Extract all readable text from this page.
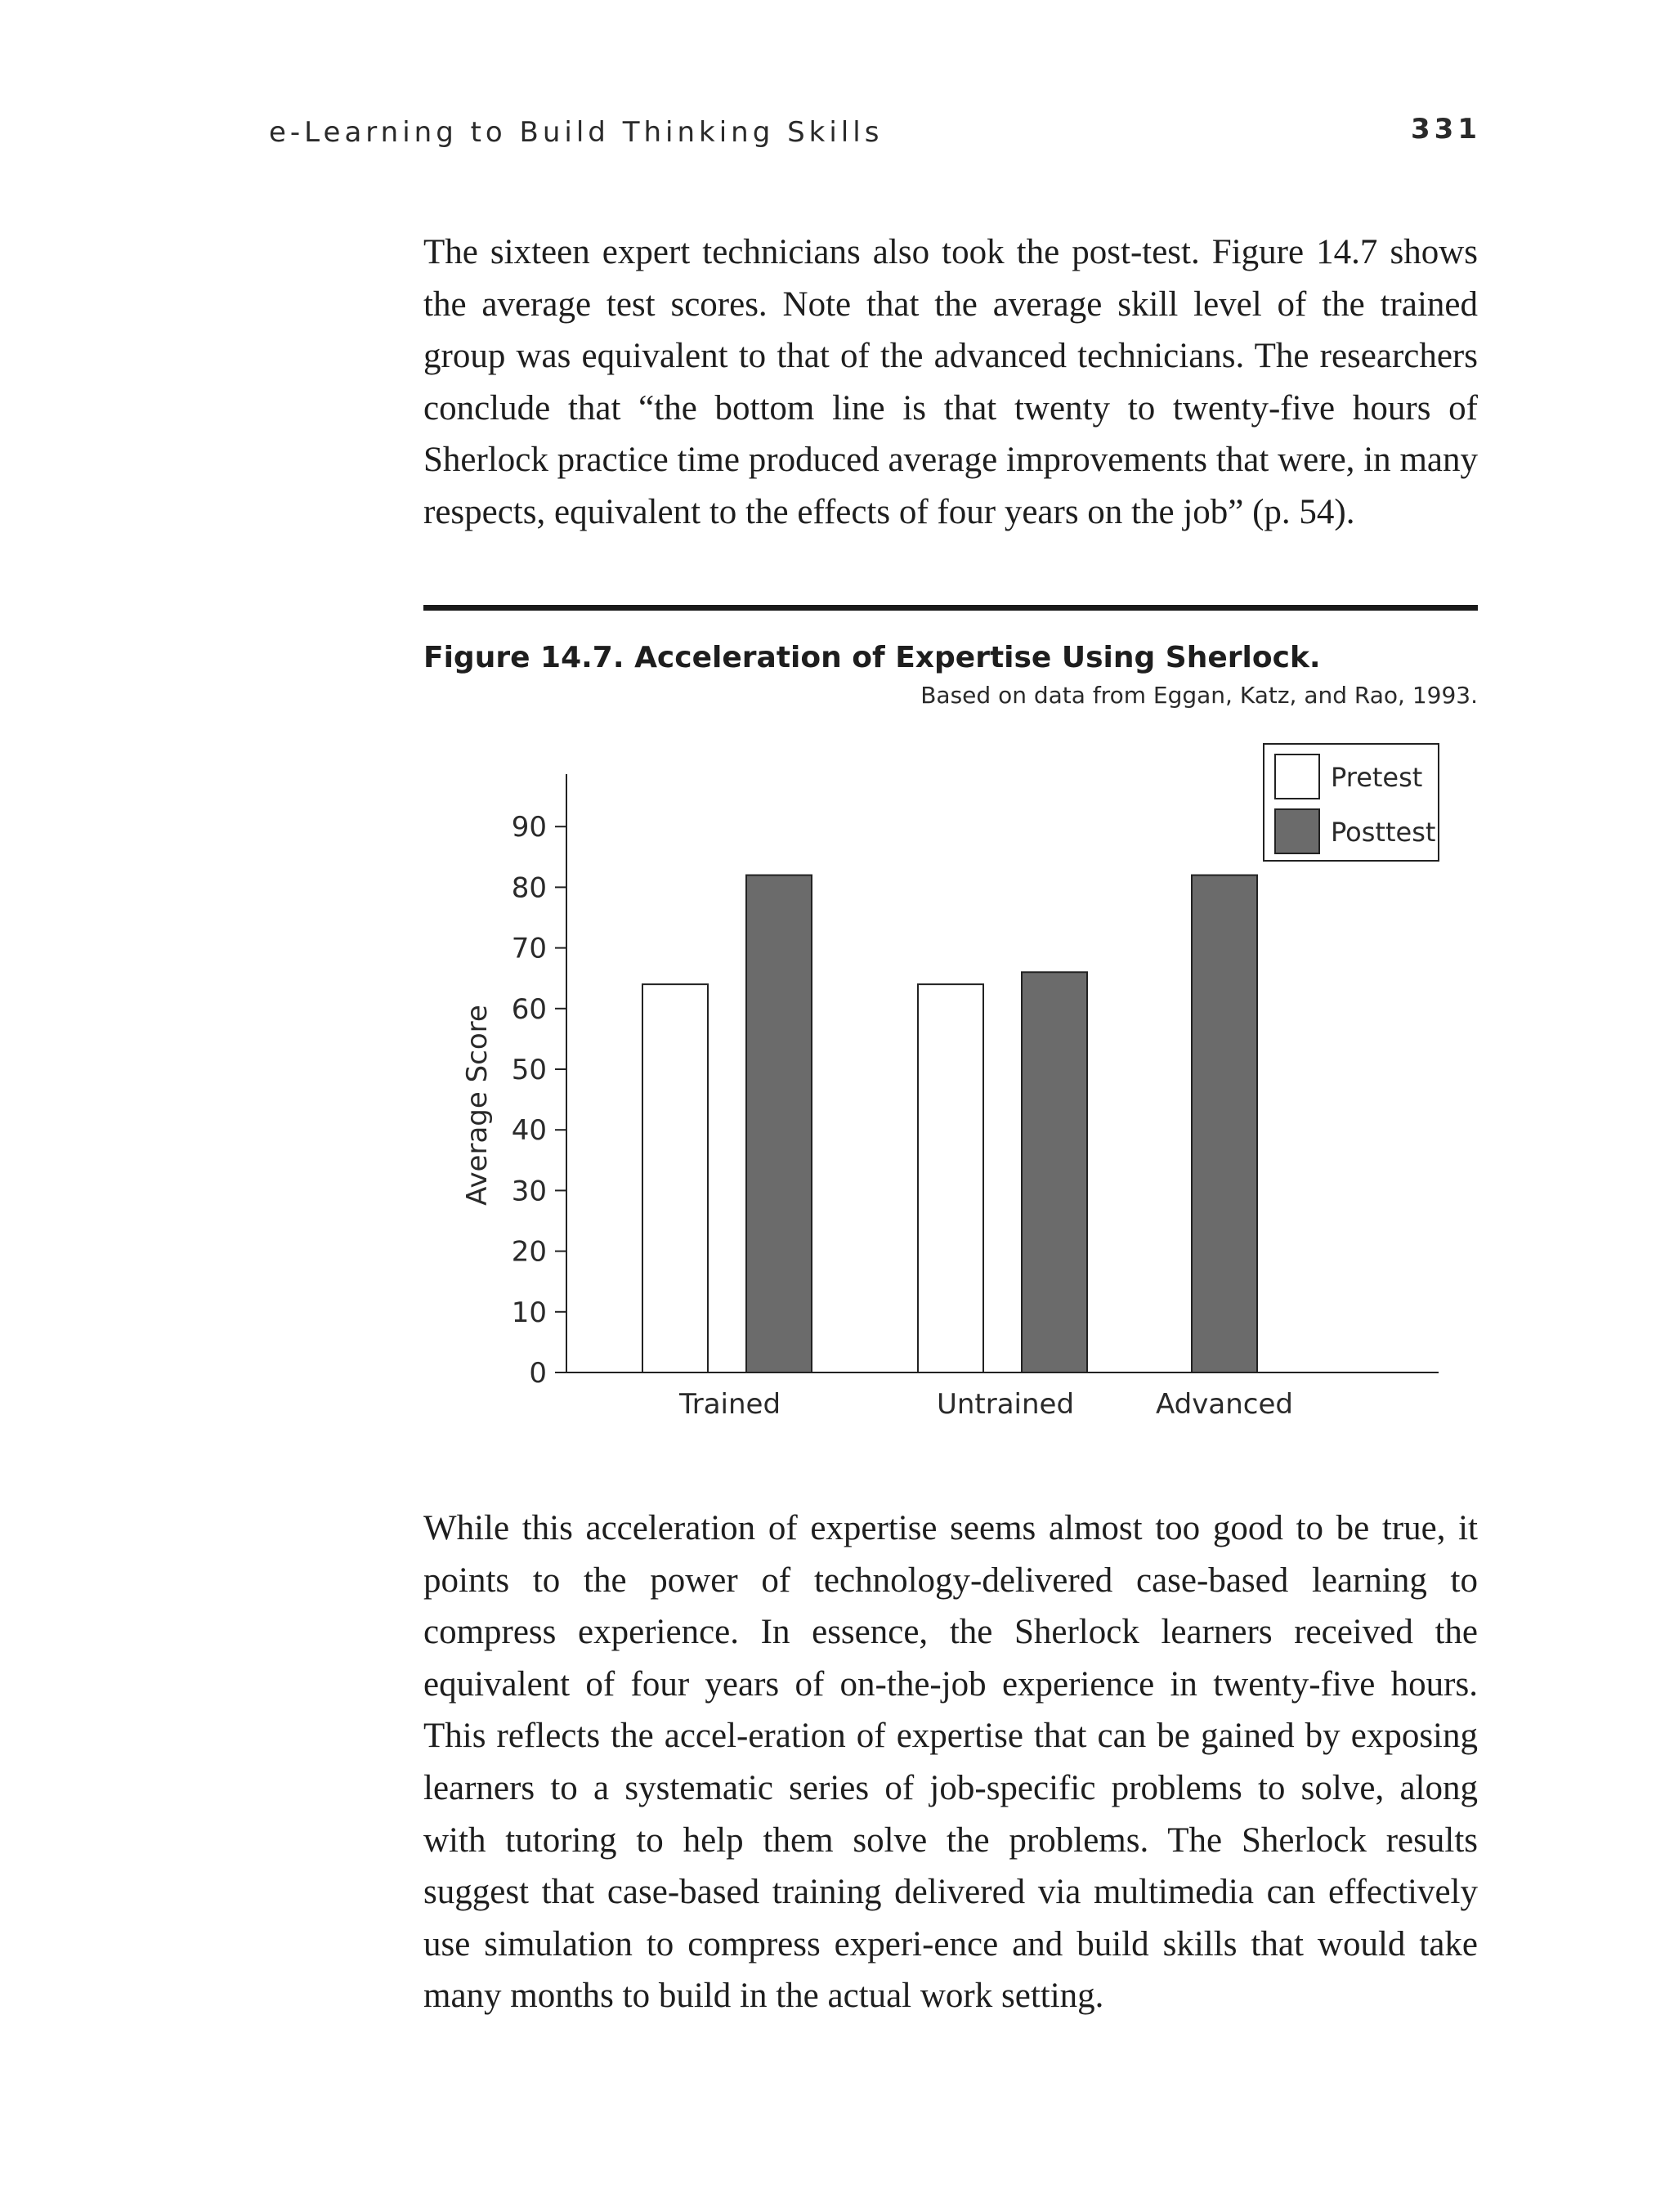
e-Learning to Build Thinking Skills	331

The sixteen expert technicians also took the post-test. Figure 14.7 shows the average test scores. Note that the average skill level of the trained group was equivalent to that of the advanced technicians. The researchers conclude that “the bottom line is that twenty to twenty-five hours of Sherlock practice time produced average improvements that were, in many respects, equivalent to the effects of four years on the job” (p. 54).

Figure 14.7. Acceleration of Expertise Using Sherlock.

Based on data from Eggan, Katz, and Rao, 1993.

0
10
20
30
40
50
60
70
80
90
Average Score
Trained	Untrained	Advanced
Pretest
Posttest

While this acceleration of expertise seems almost too good to be true, it points to the power of technology-delivered case-based learning to compress experience. In essence, the Sherlock learners received the equivalent of four years of on-the-job experience in twenty-five hours. This reflects the accel-eration of expertise that can be gained by exposing learners to a systematic series of job-specific problems to solve, along with tutoring to help them solve the problems. The Sherlock results suggest that case-based training delivered via multimedia can effectively use simulation to compress experi-ence and build skills that would take many months to build in the actual work setting.
